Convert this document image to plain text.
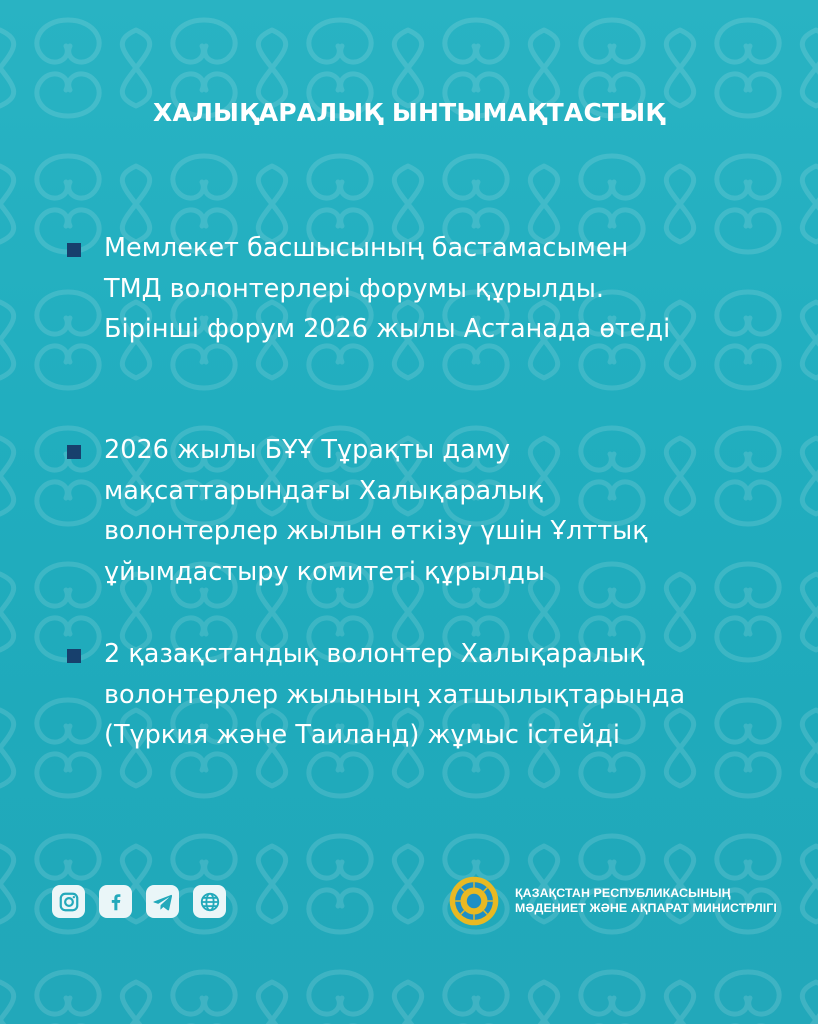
ХАЛЫҚАРАЛЫҚ ЫНТЫМАҚТАСТЫҚ
Мемлекет басшысының бастамасымен
ТМД волонтерлері форумы құрылды.
Бірінші форум 2026 жылы Астанада өтеді
2026 жылы БҰҰ Тұрақты даму
мақсаттарындағы Халықаралық
волонтерлер жылын өткізу үшін Ұлттық
ұйымдастыру комитеті құрылды
2 қазақстандық волонтер Халықаралық
волонтерлер жылының хатшылықтарында
(Түркия және Таиланд) жұмыс істейді
ҚАЗАҚСТАН РЕСПУБЛИКАСЫНЫҢ
МӘДЕНИЕТ ЖӘНЕ АҚПАРАТ МИНИСТРЛІГІ
